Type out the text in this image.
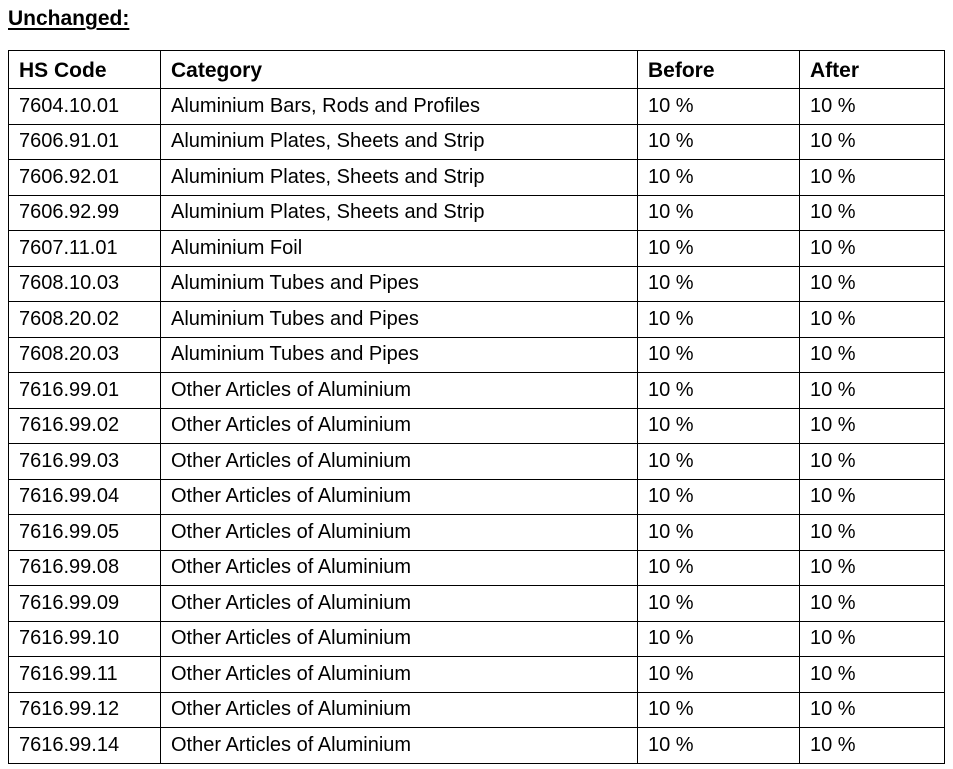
Unchanged:
HS Code	Category	Before	After
7604.10.01	Aluminium Bars, Rods and Profiles	10 %	10 %
7606.91.01	Aluminium Plates, Sheets and Strip	10 %	10 %
7606.92.01	Aluminium Plates, Sheets and Strip	10 %	10 %
7606.92.99	Aluminium Plates, Sheets and Strip	10 %	10 %
7607.11.01	Aluminium Foil	10 %	10 %
7608.10.03	Aluminium Tubes and Pipes	10 %	10 %
7608.20.02	Aluminium Tubes and Pipes	10 %	10 %
7608.20.03	Aluminium Tubes and Pipes	10 %	10 %
7616.99.01	Other Articles of Aluminium	10 %	10 %
7616.99.02	Other Articles of Aluminium	10 %	10 %
7616.99.03	Other Articles of Aluminium	10 %	10 %
7616.99.04	Other Articles of Aluminium	10 %	10 %
7616.99.05	Other Articles of Aluminium	10 %	10 %
7616.99.08	Other Articles of Aluminium	10 %	10 %
7616.99.09	Other Articles of Aluminium	10 %	10 %
7616.99.10	Other Articles of Aluminium	10 %	10 %
7616.99.11	Other Articles of Aluminium	10 %	10 %
7616.99.12	Other Articles of Aluminium	10 %	10 %
7616.99.14	Other Articles of Aluminium	10 %	10 %
